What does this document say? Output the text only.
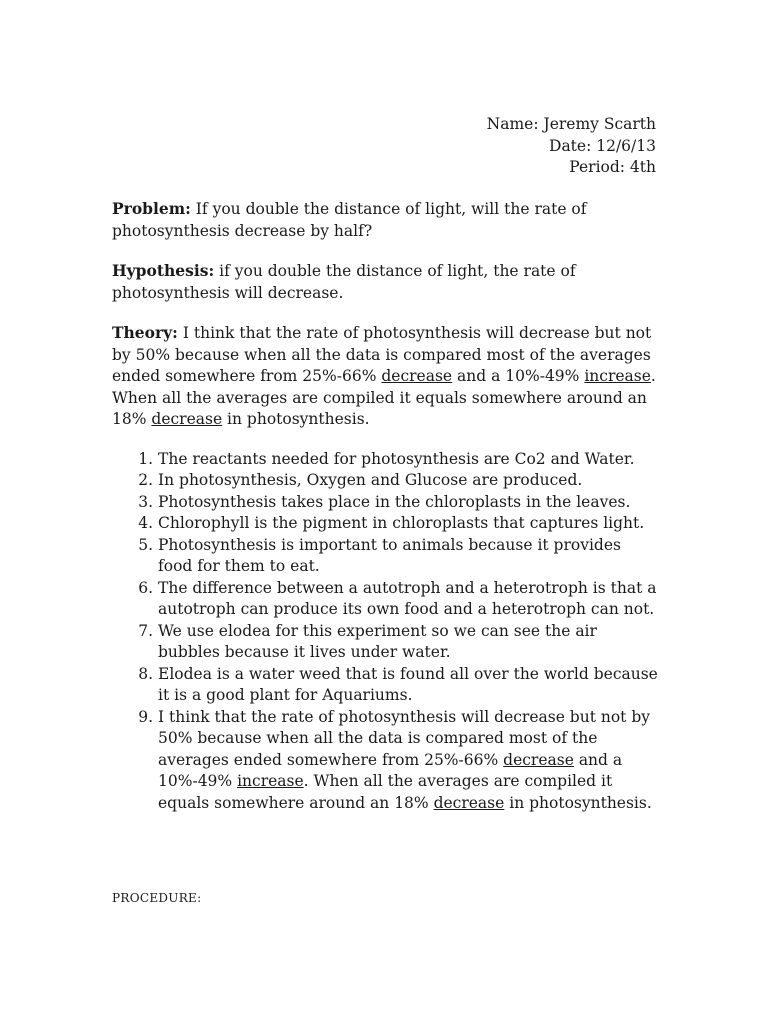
Name: Jeremy Scarth
Date: 12/6/13
Period: 4th

Problem: If you double the distance of light, will the rate of photosynthesis decrease by half?

Hypothesis: if you double the distance of light, the rate of photosynthesis will decrease.

Theory: I think that the rate of photosynthesis will decrease but not by 50% because when all the data is compared most of the averages ended somewhere from 25%-66% decrease and a 10%-49% increase. When all the averages are compiled it equals somewhere around an 18% decrease in photosynthesis.

1. The reactants needed for photosynthesis are Co2 and Water.
2. In photosynthesis, Oxygen and Glucose are produced.
3. Photosynthesis takes place in the chloroplasts in the leaves.
4. Chlorophyll is the pigment in chloroplasts that captures light.
5. Photosynthesis is important to animals because it provides food for them to eat.
6. The difference between a autotroph and a heterotroph is that a autotroph can produce its own food and a heterotroph can not.
7. We use elodea for this experiment so we can see the air bubbles because it lives under water.
8. Elodea is a water weed that is found all over the world because it is a good plant for Aquariums.
9. I think that the rate of photosynthesis will decrease but not by 50% because when all the data is compared most of the averages ended somewhere from 25%-66% decrease and a 10%-49% increase. When all the averages are compiled it equals somewhere around an 18% decrease in photosynthesis.
PROCEDURE:
